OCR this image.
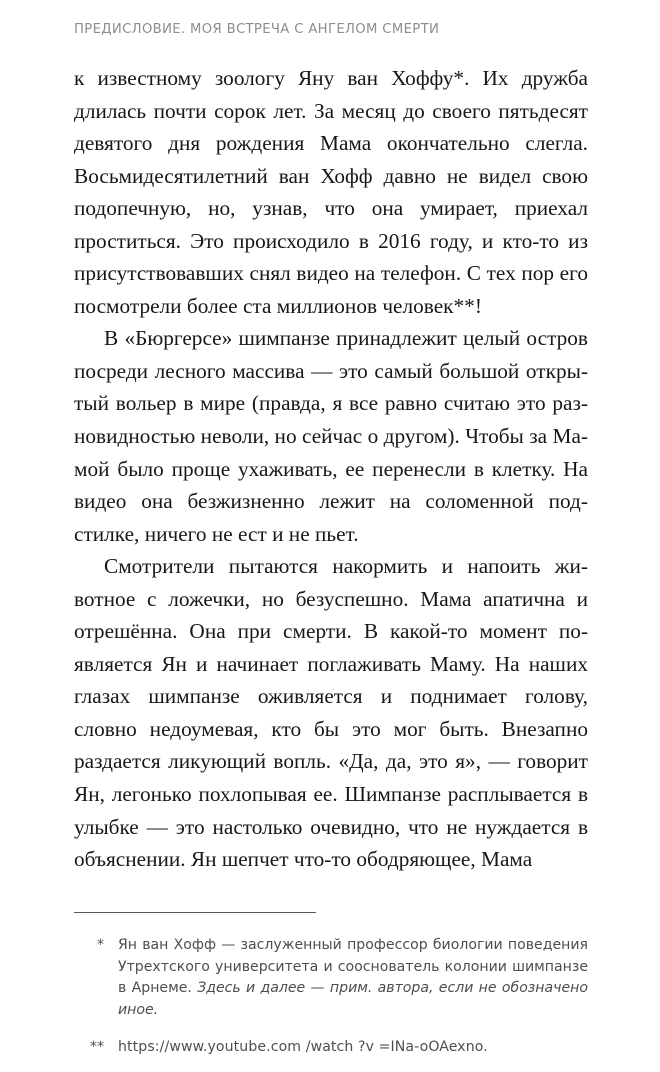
ПРЕДИСЛОВИЕ. МОЯ ВСТРЕЧА С АНГЕЛОМ СМЕРТИ

к известному зоологу Яну ван Хоффу*. Их дружба длилась почти сорок лет. За месяц до своего пятьдесят девятого дня рождения Мама окончательно слегла. Восьмидесятилетний ван Хофф давно не видел свою подопечную, но, узнав, что она умирает, приехал проститься. Это происходило в 2016 году, и кто-то из присутствовавших снял видео на телефон. С тех пор его посмотрели более ста миллионов человек**!

В «Бюргерсе» шимпанзе принадлежит целый остров посреди лесного массива — это самый большой открытый вольер в мире (правда, я все равно считаю это разновидностью неволи, но сейчас о другом). Чтобы за Мамой было проще ухаживать, ее перенесли в клетку. На видео она безжизненно лежит на соломенной подстилке, ничего не ест и не пьет.

Смотрители пытаются накормить и напоить животное с ложечки, но безуспешно. Мама апатична и отрешённа. Она при смерти. В какой-то момент появляется Ян и начинает поглаживать Маму. На наших глазах шимпанзе оживляется и поднимает голову, словно недоумевая, кто бы это мог быть. Внезапно раздается ликующий вопль. «Да, да, это я», — говорит Ян, легонько похлопывая ее. Шимпанзе расплывается в улыбке — это настолько очевидно, что не нуждается в объяснении. Ян шепчет что-то ободряющее, Мама

* Ян ван Хофф — заслуженный профессор биологии поведения Утрехтского университета и сооснователь колонии шимпанзе в Арнеме. Здесь и далее — прим. автора, если не обозначено иное.
** https://www.youtube.com /watch ?v =INa-oOAexno.
